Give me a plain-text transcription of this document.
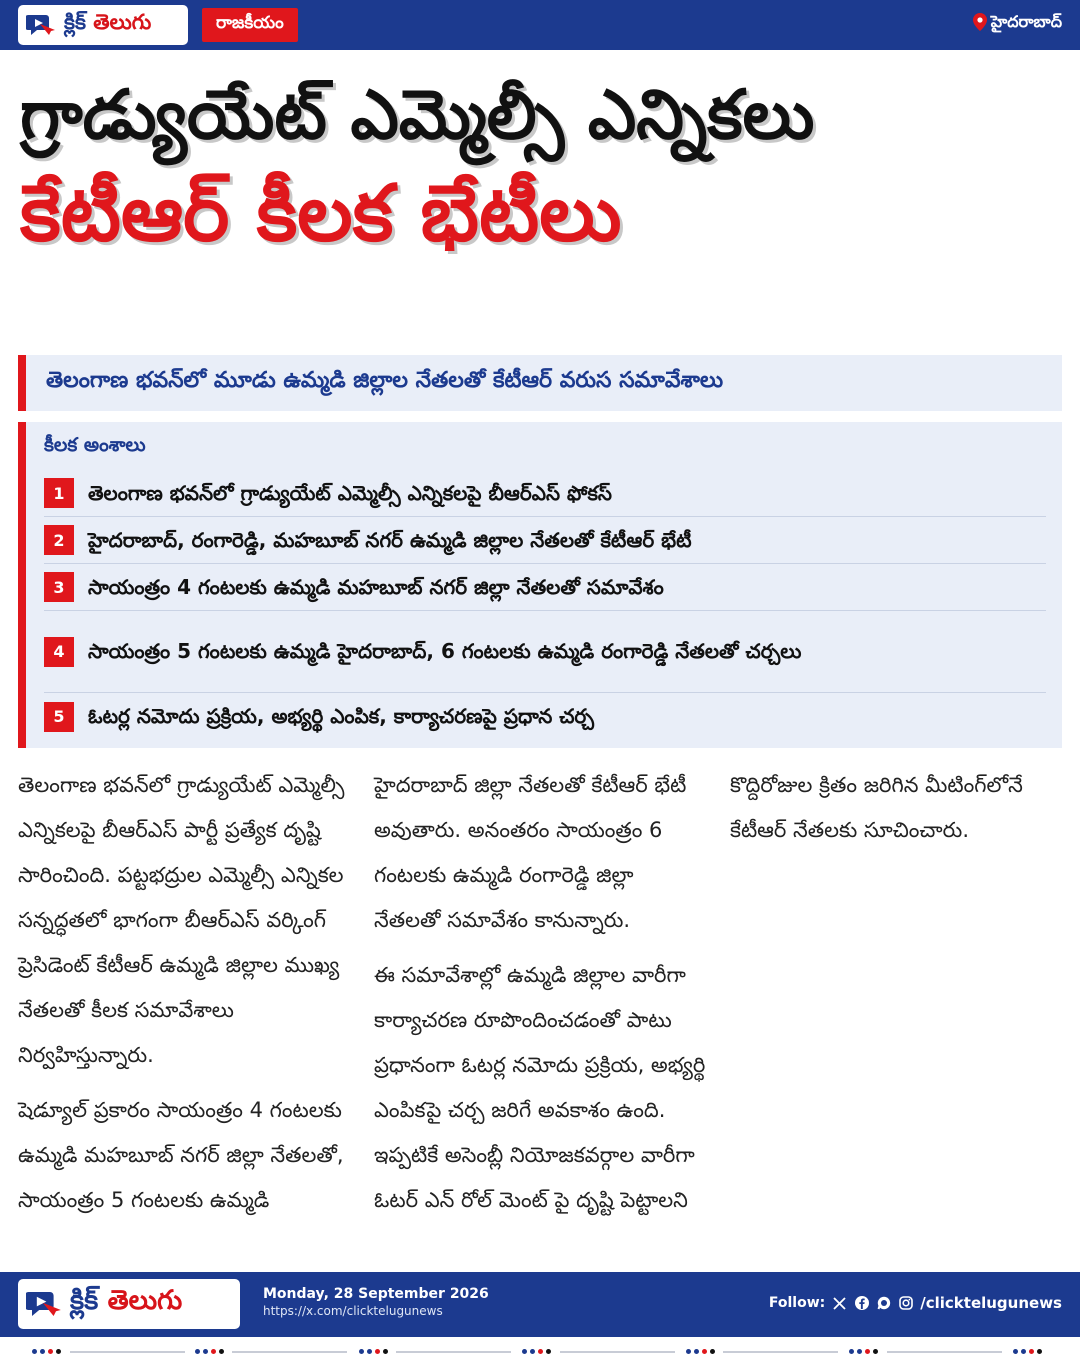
క్లిక్ తెలుగు	రాజకీయం	హైదరాబాద్
గ్రాడ్యుయేట్ ఎమ్మెల్సీ ఎన్నికలు
కేటీఆర్ కీలక భేటీలు
తెలంగాణ భవన్‌లో మూడు ఉమ్మడి జిల్లాల నేతలతో కేటీఆర్ వరుస సమావేశాలు
కీలక అంశాలు
1	తెలంగాణ భవన్‌లో గ్రాడ్యుయేట్ ఎమ్మెల్సీ ఎన్నికలపై బీఆర్ఎస్ ఫోకస్
2	హైదరాబాద్, రంగారెడ్డి, మహబూబ్ నగర్ ఉమ్మడి జిల్లాల నేతలతో కేటీఆర్ భేటీ
3	సాయంత్రం 4 గంటలకు ఉమ్మడి మహబూబ్ నగర్ జిల్లా నేతలతో సమావేశం
4	సాయంత్రం 5 గంటలకు ఉమ్మడి హైదరాబాద్, 6 గంటలకు ఉమ్మడి రంగారెడ్డి నేతలతో చర్చలు
5	ఓటర్ల నమోదు ప్రక్రియ, అభ్యర్థి ఎంపిక, కార్యాచరణపై ప్రధాన చర్చ

తెలంగాణ భవన్‌లో గ్రాడ్యుయేట్ ఎమ్మెల్సీ ఎన్నికలపై బీఆర్ఎస్ పార్టీ ప్రత్యేక దృష్టి సారించింది. పట్టభద్రుల ఎమ్మెల్సీ ఎన్నికల సన్నద్ధతలో భాగంగా బీఆర్ఎస్ వర్కింగ్ ప్రెసిడెంట్ కేటీఆర్ ఉమ్మడి జిల్లాల ముఖ్య నేతలతో కీలక సమావేశాలు నిర్వహిస్తున్నారు.

షెడ్యూల్ ప్రకారం సాయంత్రం 4 గంటలకు ఉమ్మడి మహబూబ్ నగర్ జిల్లా నేతలతో, సాయంత్రం 5 గంటలకు ఉమ్మడి హైదరాబాద్ జిల్లా నేతలతో కేటీఆర్ భేటీ అవుతారు. అనంతరం సాయంత్రం 6 గంటలకు ఉమ్మడి రంగారెడ్డి జిల్లా నేతలతో సమావేశం కానున్నారు.

ఈ సమావేశాల్లో ఉమ్మడి జిల్లాల వారీగా కార్యాచరణ రూపొందించడంతో పాటు ప్రధానంగా ఓటర్ల నమోదు ప్రక్రియ, అభ్యర్థి ఎంపికపై చర్చ జరిగే అవకాశం ఉంది. ఇప్పటికే అసెంబ్లీ నియోజకవర్గాల వారీగా ఓటర్ ఎన్ రోల్ మెంట్ పై దృష్టి పెట్టాలని కొద్దిరోజుల క్రితం జరిగిన మీటింగ్‌లోనే కేటీఆర్ నేతలకు సూచించారు.

క్లిక్ తెలుగు	Monday, 28 September 2026
https://x.com/clicktelugunews	Follow:	/clicktelugunews
